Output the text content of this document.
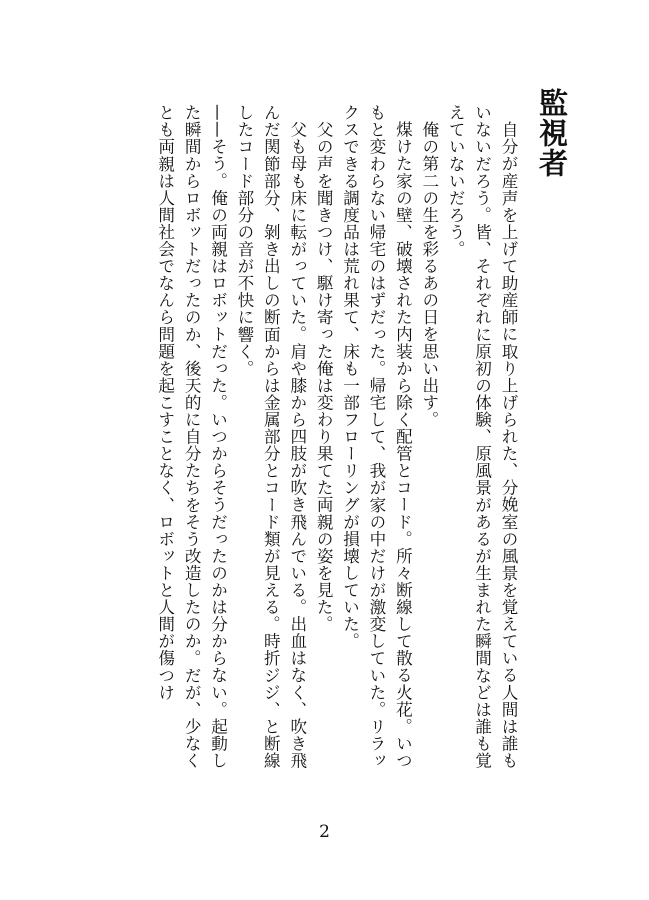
監視者

自分が産声を上げて助産師に取り上げられた、分娩室の風景を覚えている人間は誰もいないだろう。皆、それぞれに原初の体験、原風景があるが生まれた瞬間などは誰も覚えていないだろう。

俺の第二の生を彩るあの日を思い出す。

煤けた家の壁、破壊された内装から除く配管とコード。所々断線して散る火花。いつもと変わらない帰宅のはずだった。帰宅して、我が家の中だけが激変していた。リラックスできる調度品は荒れ果て、床も一部フローリングが損壊していた。

父の声を聞きつけ、駆け寄った俺は変わり果てた両親の姿を見た。

父も母も床に転がっていた。肩や膝から四肢が吹き飛んでいる。出血はなく、吹き飛んだ関節部分、剝き出しの断面からは金属部分とコード類が見える。時折ジジ、と断線したコード部分の音が不快に響く。

——そう。俺の両親はロボットだった。いつからそうだったのかは分からない。起動した瞬間からロボットだったのか、後天的に自分たちをそう改造したのか。だが、少なくとも両親は人間社会でなんら問題を起こすことなく、ロボットと人間が傷つけ

2
